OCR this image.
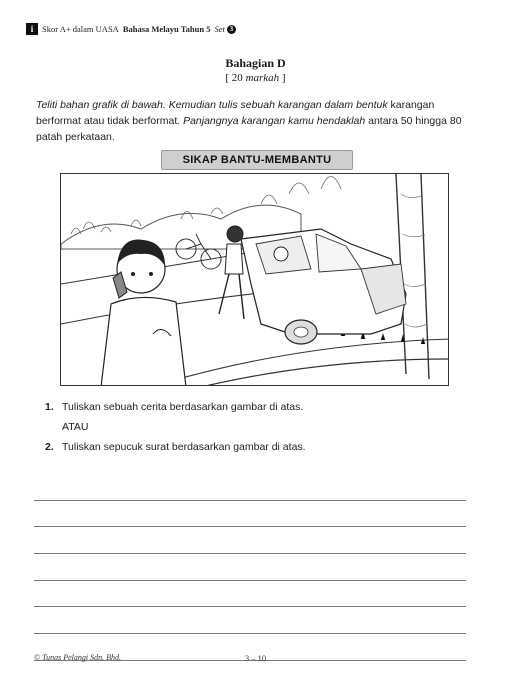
i	Skor A+ dalam UASA Bahasa Melayu Tahun 5 Set 3
Bahagian D
[ 20 markah ]
Teliti bahan grafik di bawah. Kemudian tulis sebuah karangan dalam bentuk karangan berformat atau tidak berformat. Panjangnya karangan kamu hendaklah antara 50 hingga 80 patah perkataan.
SIKAP BANTU-MEMBANTU
1. Tuliskan sebuah cerita berdasarkan gambar di atas.
ATAU
2. Tuliskan sepucuk surat berdasarkan gambar di atas.
© Tunas Pelangi Sdn. Bhd.	3 – 10
